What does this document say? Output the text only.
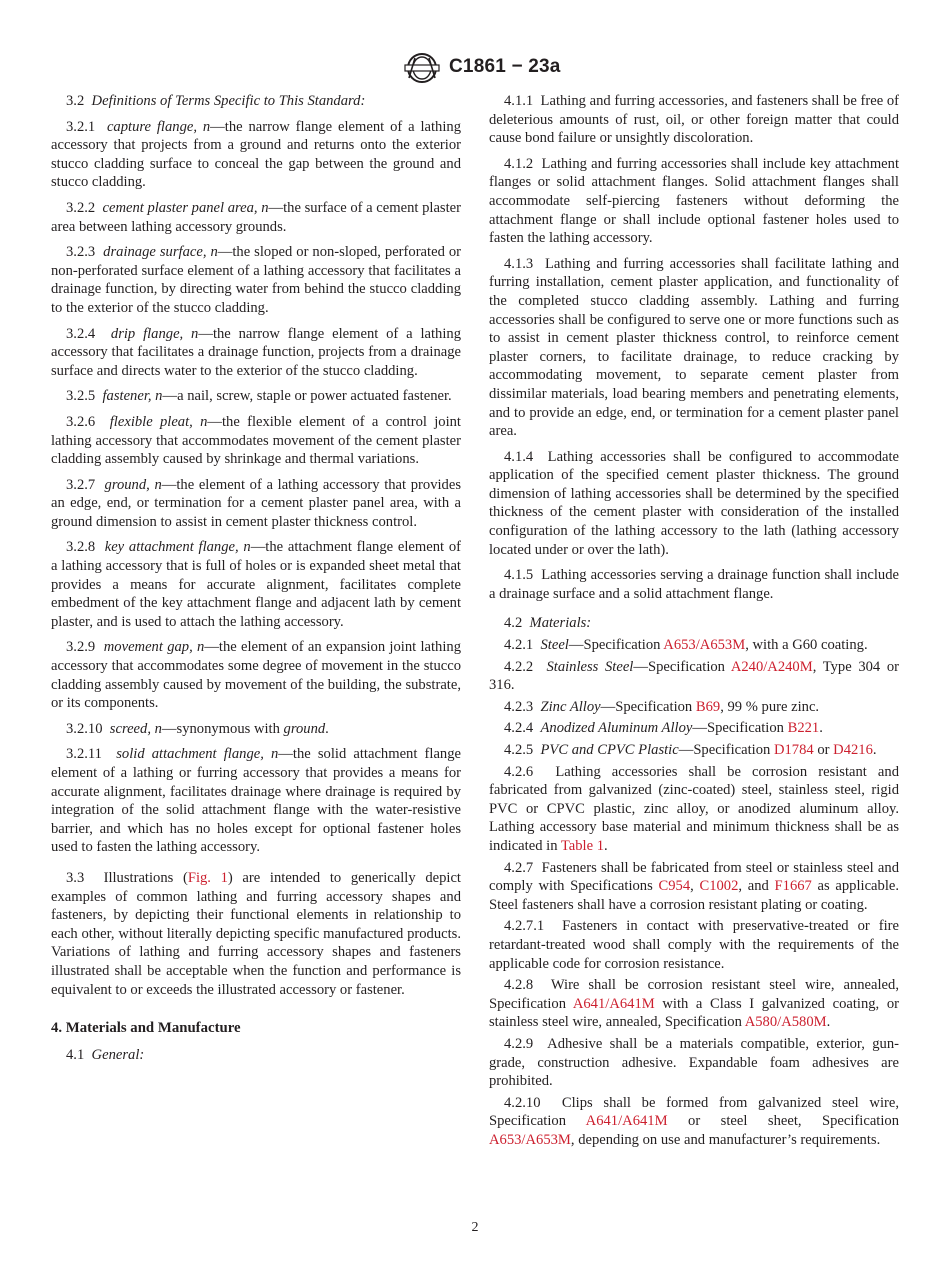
C1861 − 23a

3.2 Definitions of Terms Specific to This Standard:

3.2.1 capture flange, n—the narrow flange element of a lathing accessory that projects from a ground and returns onto the exterior stucco cladding surface to conceal the gap between the ground and stucco cladding.

3.2.2 cement plaster panel area, n—the surface of a cement plaster area between lathing accessory grounds.

3.2.3 drainage surface, n—the sloped or non-sloped, perforated or non-perforated surface element of a lathing accessory that facilitates a drainage function, by directing water from behind the stucco cladding to the exterior of the stucco cladding.

3.2.4 drip flange, n—the narrow flange element of a lathing accessory that facilitates a drainage function, projects from a drainage surface and directs water to the exterior of the stucco cladding.

3.2.5 fastener, n—a nail, screw, staple or power actuated fastener.

3.2.6 flexible pleat, n—the flexible element of a control joint lathing accessory that accommodates movement of the cement plaster cladding assembly caused by shrinkage and thermal variations.

3.2.7 ground, n—the element of a lathing accessory that provides an edge, end, or termination for a cement plaster panel area, with a ground dimension to assist in cement plaster thickness control.

3.2.8 key attachment flange, n—the attachment flange element of a lathing accessory that is full of holes or is expanded sheet metal that provides a means for accurate alignment, facilitates complete embedment of the key attachment flange and adjacent lath by cement plaster, and is used to attach the lathing accessory.

3.2.9 movement gap, n—the element of an expansion joint lathing accessory that accommodates some degree of movement in the stucco cladding assembly caused by movement of the building, the substrate, or its components.

3.2.10 screed, n—synonymous with ground.

3.2.11 solid attachment flange, n—the solid attachment flange element of a lathing or furring accessory that provides a means for accurate alignment, facilitates drainage where drainage is required by integration of the solid attachment flange with the water-resistive barrier, and which has no holes except for optional fastener holes used to fasten the lathing accessory.

3.3 Illustrations (Fig. 1) are intended to generically depict examples of common lathing and furring accessory shapes and fasteners, by depicting their functional elements in relationship to each other, without literally depicting specific manufactured products. Variations of lathing and furring accessory shapes and fasteners illustrated shall be acceptable when the function and performance is equivalent to or exceeds the illustrated accessory or fastener.

4. Materials and Manufacture

4.1 General:

4.1.1 Lathing and furring accessories, and fasteners shall be free of deleterious amounts of rust, oil, or other foreign matter that could cause bond failure or unsightly discoloration.

4.1.2 Lathing and furring accessories shall include key attachment flanges or solid attachment flanges. Solid attachment flanges shall accommodate self-piercing fasteners without deforming the attachment flange or shall include optional fastener holes used to fasten the lathing accessory.

4.1.3 Lathing and furring accessories shall facilitate lathing and furring installation, cement plaster application, and functionality of the completed stucco cladding assembly. Lathing and furring accessories shall be configured to serve one or more functions such as to assist in cement plaster thickness control, to reinforce cement plaster corners, to facilitate drainage, to reduce cracking by accommodating movement, to separate cement plaster from dissimilar materials, load bearing members and penetrating elements, and to provide an edge, end, or termination for a cement plaster panel area.

4.1.4 Lathing accessories shall be configured to accommodate application of the specified cement plaster thickness. The ground dimension of lathing accessories shall be determined by the specified thickness of the cement plaster with consideration of the installed configuration of the lathing accessory to the lath (lathing accessory located under or over the lath).

4.1.5 Lathing accessories serving a drainage function shall include a drainage surface and a solid attachment flange.

4.2 Materials:

4.2.1 Steel—Specification A653/A653M, with a G60 coating.

4.2.2 Stainless Steel—Specification A240/A240M, Type 304 or 316.

4.2.3 Zinc Alloy—Specification B69, 99 % pure zinc.

4.2.4 Anodized Aluminum Alloy—Specification B221.

4.2.5 PVC and CPVC Plastic—Specification D1784 or D4216.

4.2.6 Lathing accessories shall be corrosion resistant and fabricated from galvanized (zinc-coated) steel, stainless steel, rigid PVC or CPVC plastic, zinc alloy, or anodized aluminum alloy. Lathing accessory base material and minimum thickness shall be as indicated in Table 1.

4.2.7 Fasteners shall be fabricated from steel or stainless steel and comply with Specifications C954, C1002, and F1667 as applicable. Steel fasteners shall have a corrosion resistant plating or coating.

4.2.7.1 Fasteners in contact with preservative-treated or fire retardant-treated wood shall comply with the requirements of the applicable code for corrosion resistance.

4.2.8 Wire shall be corrosion resistant steel wire, annealed, Specification A641/A641M with a Class I galvanized coating, or stainless steel wire, annealed, Specification A580/A580M.

4.2.9 Adhesive shall be a materials compatible, exterior, gun-grade, construction adhesive. Expandable foam adhesives are prohibited.

4.2.10 Clips shall be formed from galvanized steel wire, Specification A641/A641M or steel sheet, Specification A653/A653M, depending on use and manufacturer’s requirements.

2
